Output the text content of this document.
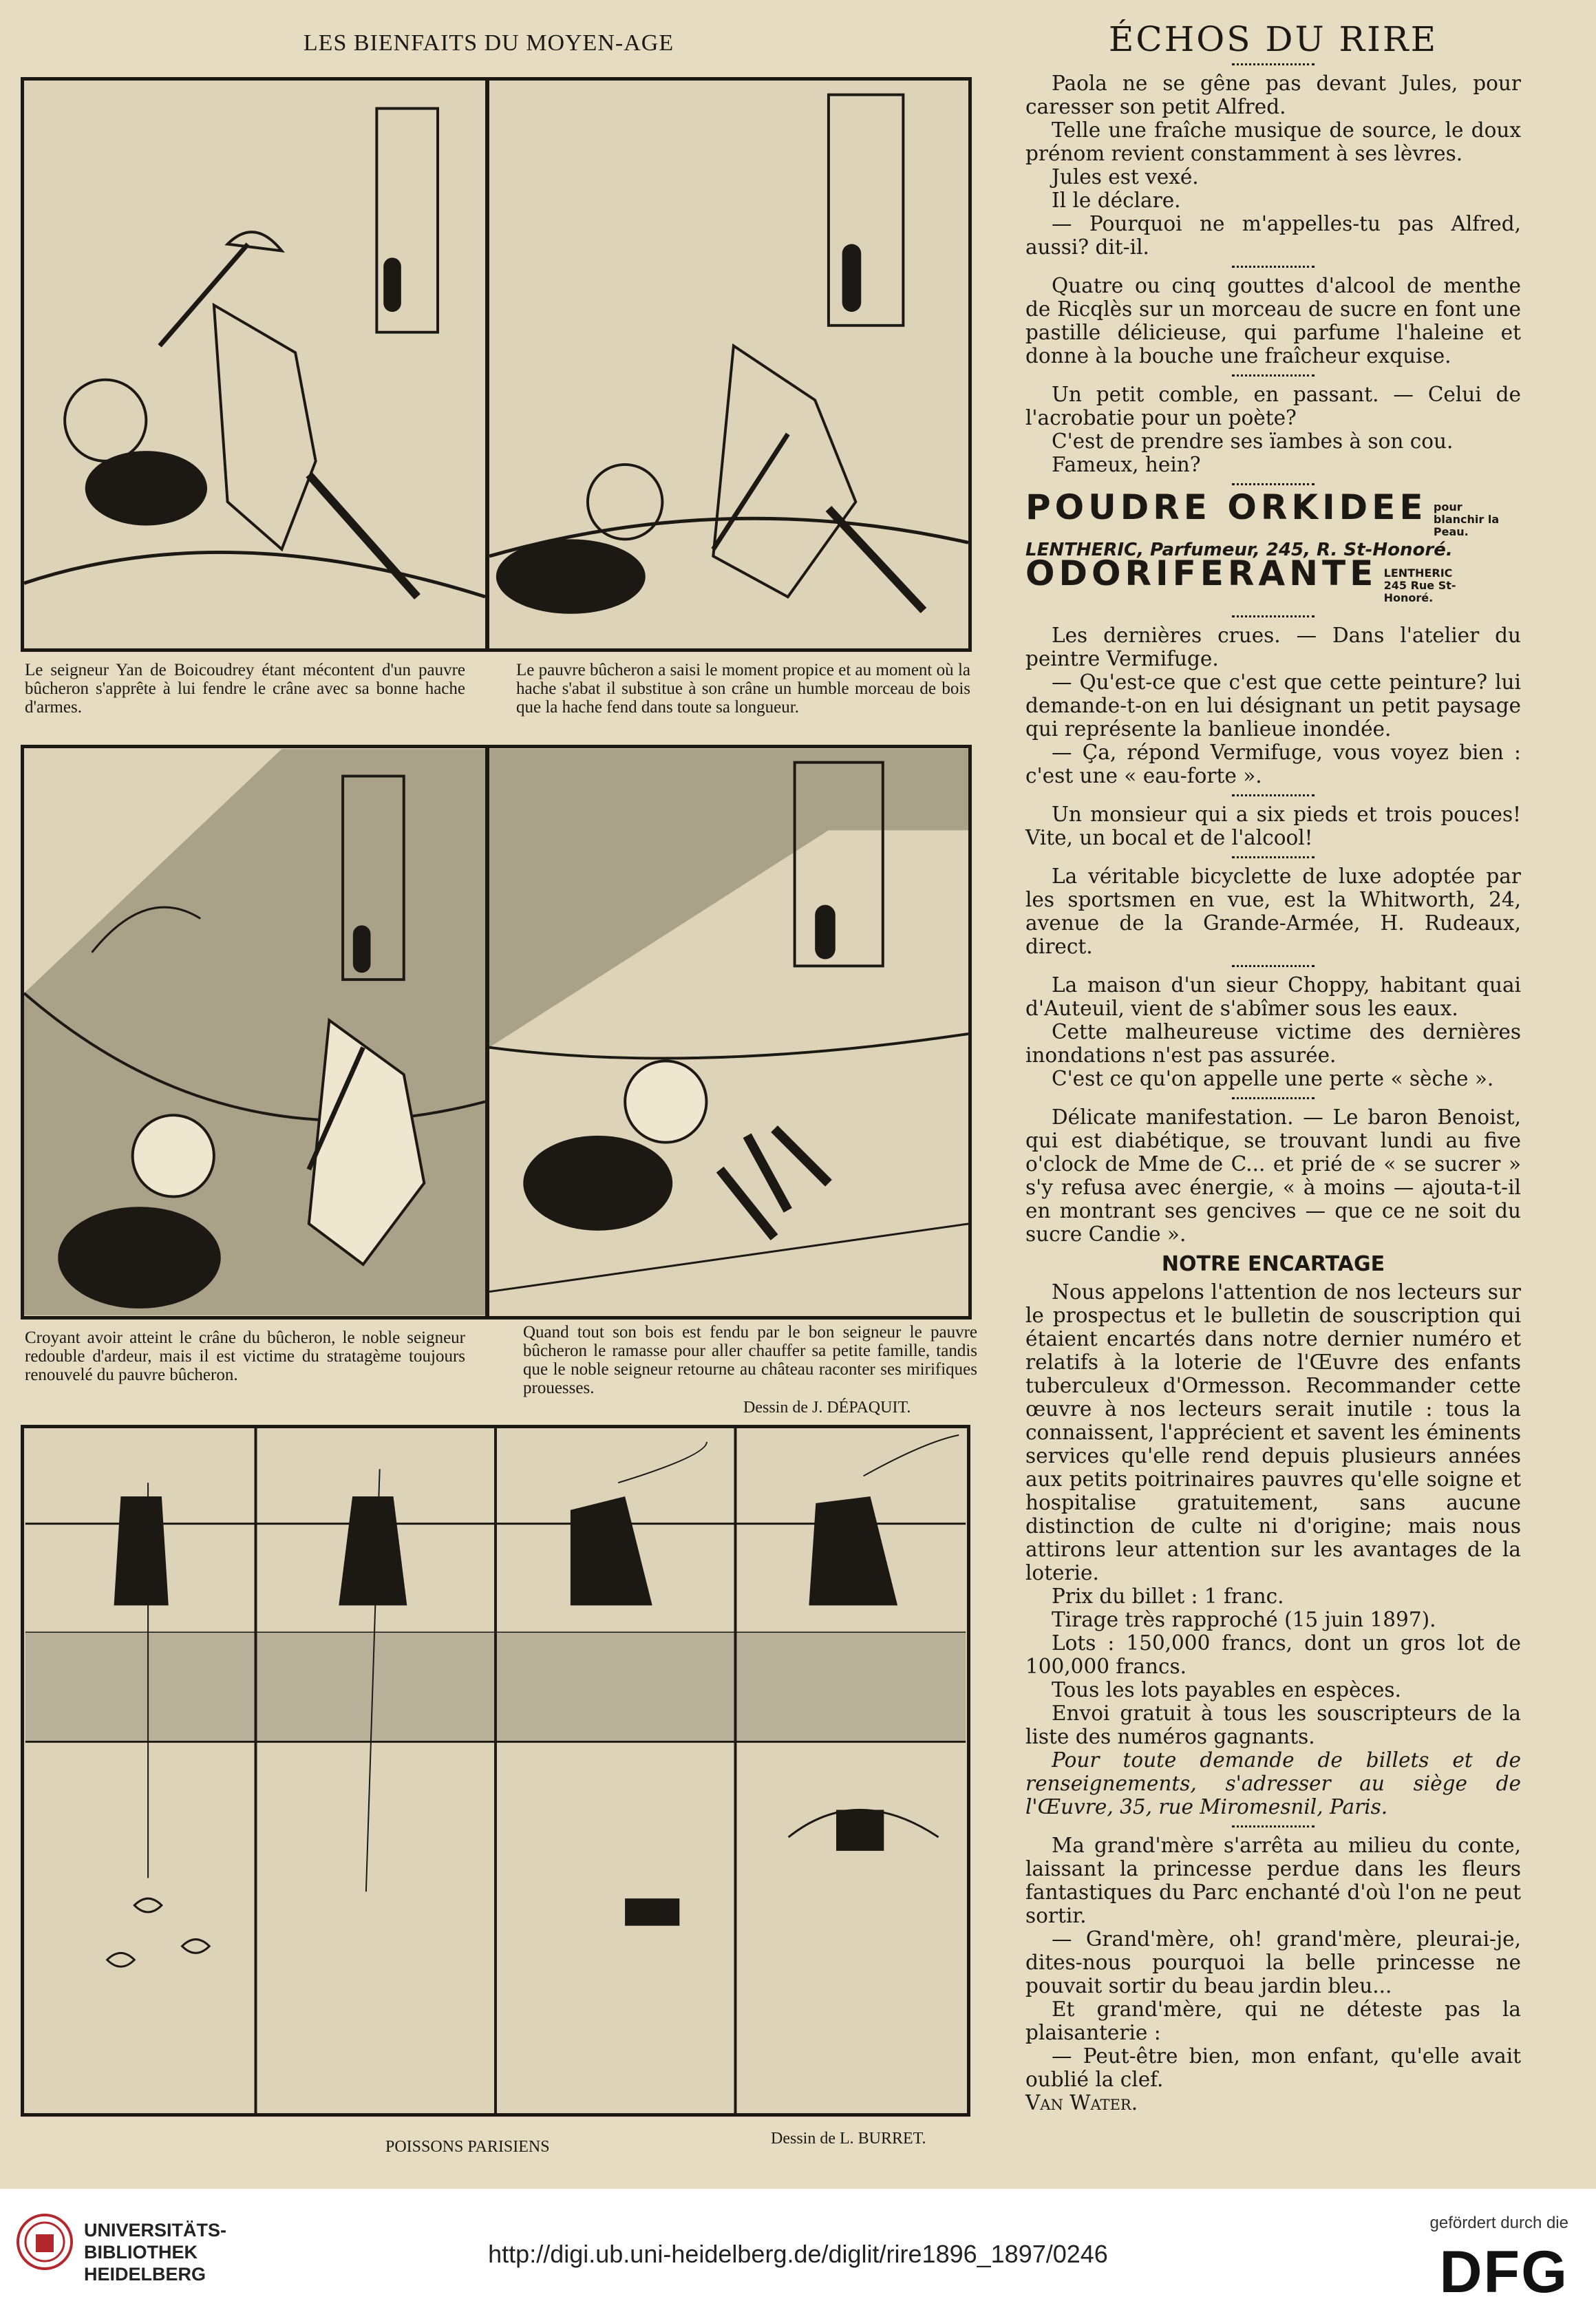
LES BIENFAITS DU MOYEN-AGE
Le seigneur Yan de Boicoudrey étant mécontent d'un pauvre bûcheron s'apprête à lui fendre le crâne avec sa bonne hache d'armes.
Le pauvre bûcheron a saisi le moment propice et au moment où la hache s'abat il substitue à son crâne un humble morceau de bois que la hache fend dans toute sa longueur.
Croyant avoir atteint le crâne du bûcheron, le noble seigneur redouble d'ardeur, mais il est victime du stratagème toujours renouvelé du pauvre bûcheron.
Quand tout son bois est fendu par le bon seigneur le pauvre bûcheron le ramasse pour aller chauffer sa petite famille, tandis que le noble seigneur retourne au château raconter ses mirifiques prouesses.
Dessin de J. DÉPAQUIT.
POISSONS PARISIENS	Dessin de L. BURRET.
ÉCHOS DU RIRE

Paola ne se gêne pas devant Jules, pour caresser son petit Alfred.

Telle une fraîche musique de source, le doux prénom revient constamment à ses lèvres.

Jules est vexé.

Il le déclare.

— Pourquoi ne m'appelles-tu pas Alfred, aussi? dit-il.

Quatre ou cinq gouttes d'alcool de menthe de Ricqlès sur un morceau de sucre en font une pastille délicieuse, qui parfume l'haleine et donne à la bouche une fraîcheur exquise.

Un petit comble, en passant. — Celui de l'acrobatie pour un poète?

C'est de prendre ses ïambes à son cou.

Fameux, hein?

POUDRE ORKIDEE pour blanchir la Peau.
LENTHERIC, Parfumeur, 245, R. St-Honoré.
ODORIFERANTE LENTHERIC 245 Rue St-Honoré.

Les dernières crues. — Dans l'atelier du peintre Vermifuge.

— Qu'est-ce que c'est que cette peinture? lui demande-t-on en lui désignant un petit paysage qui représente la banlieue inondée.

— Ça, répond Vermifuge, vous voyez bien : c'est une « eau-forte ».

Un monsieur qui a six pieds et trois pouces! Vite, un bocal et de l'alcool!

La véritable bicyclette de luxe adoptée par les sportsmen en vue, est la Whitworth, 24, avenue de la Grande-Armée, H. Rudeaux, direct.

La maison d'un sieur Choppy, habitant quai d'Auteuil, vient de s'abîmer sous les eaux.

Cette malheureuse victime des dernières inondations n'est pas assurée.

C'est ce qu'on appelle une perte « sèche ».

Délicate manifestation. — Le baron Benoist, qui est diabétique, se trouvant lundi au five o'clock de Mme de C... et prié de « se sucrer » s'y refusa avec énergie, « à moins — ajouta-t-il en montrant ses gencives — que ce ne soit du sucre Candie ».

NOTRE ENCARTAGE

Nous appelons l'attention de nos lecteurs sur le prospectus et le bulletin de souscription qui étaient encartés dans notre dernier numéro et relatifs à la loterie de l'Œuvre des enfants tuberculeux d'Ormesson. Recommander cette œuvre à nos lecteurs serait inutile : tous la connaissent, l'apprécient et savent les éminents services qu'elle rend depuis plusieurs années aux petits poitrinaires pauvres qu'elle soigne et hospitalise gratuitement, sans aucune distinction de culte ni d'origine; mais nous attirons leur attention sur les avantages de la loterie.

Prix du billet : 1 franc.

Tirage très rapproché (15 juin 1897).

Lots : 150,000 francs, dont un gros lot de 100,000 francs.

Tous les lots payables en espèces.

Envoi gratuit à tous les souscripteurs de la liste des numéros gagnants.

Pour toute demande de billets et de renseignements, s'adresser au siège de l'Œuvre, 35, rue Miromesnil, Paris.

Ma grand'mère s'arrêta au milieu du conte, laissant la princesse perdue dans les fleurs fantastiques du Parc enchanté d'où l'on ne peut sortir.

— Grand'mère, oh! grand'mère, pleurai-je, dites-nous pourquoi la belle princesse ne pouvait sortir du beau jardin bleu...

Et grand'mère, qui ne déteste pas la plaisanterie :

— Peut-être bien, mon enfant, qu'elle avait oublié la clef.

Van Water.

UNIVERSITÄTS-
BIBLIOTHEK
HEIDELBERG
http://digi.ub.uni-heidelberg.de/diglit/rire1896_1897/0246
gefördert durch die
DFG
